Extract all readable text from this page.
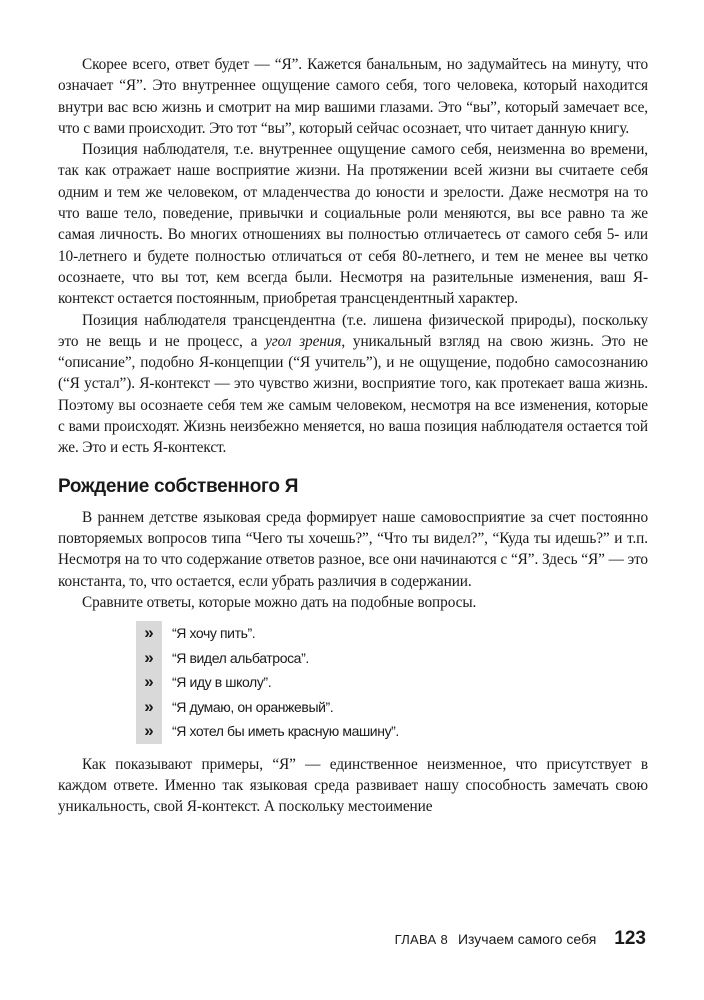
Скорее всего, ответ будет — “Я”. Кажется банальным, но задумайтесь на минуту, что означает “Я”. Это внутреннее ощущение самого себя, того человека, который находится внутри вас всю жизнь и смотрит на мир вашими глазами. Это “вы”, который замечает все, что с вами происходит. Это тот “вы”, который сейчас осознает, что читает данную книгу.

Позиция наблюдателя, т.е. внутреннее ощущение самого себя, неизменна во времени, так как отражает наше восприятие жизни. На протяжении всей жизни вы считаете себя одним и тем же человеком, от младенчества до юности и зрелости. Даже несмотря на то что ваше тело, поведение, привычки и социальные роли меняются, вы все равно та же самая личность. Во многих отношениях вы полностью отличаетесь от самого себя 5- или 10-летнего и будете полностью отличаться от себя 80-летнего, и тем не менее вы четко осознаете, что вы тот, кем всегда были. Несмотря на разительные изменения, ваш Я-контекст остается постоянным, приобретая трансцендентный характер.

Позиция наблюдателя трансцендентна (т.е. лишена физической природы), поскольку это не вещь и не процесс, а угол зрения, уникальный взгляд на свою жизнь. Это не “описание”, подобно Я-концепции (“Я учитель”), и не ощущение, подобно самосознанию (“Я устал”). Я-контекст — это чувство жизни, восприятие того, как протекает ваша жизнь. Поэтому вы осознаете себя тем же самым человеком, несмотря на все изменения, которые с вами происходят. Жизнь неизбежно меняется, но ваша позиция наблюдателя остается той же. Это и есть Я-контекст.

Рождение собственного Я

В раннем детстве языковая среда формирует наше самовосприятие за счет постоянно повторяемых вопросов типа “Чего ты хочешь?”, “Что ты видел?”, “Куда ты идешь?” и т.п. Несмотря на то что содержание ответов разное, все они начинаются с “Я”. Здесь “Я” — это константа, то, что остается, если убрать различия в содержании.

Сравните ответы, которые можно дать на подобные вопросы.

»	“Я хочу пить”.
»	“Я видел альбатроса”.
»	“Я иду в школу”.
»	“Я думаю, он оранжевый”.
»	“Я хотел бы иметь красную машину”.

Как показывают примеры, “Я” — единственное неизменное, что присутствует в каждом ответе. Именно так языковая среда развивает нашу способность замечать свою уникальность, свой Я-контекст. А поскольку местоимение

ГЛАВА 8 Изучаем самого себя 123
